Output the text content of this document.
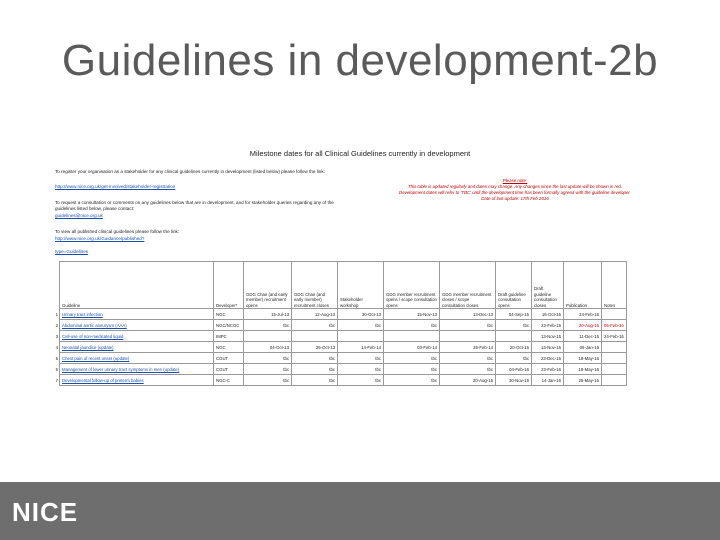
Guidelines in development-2b
Milestone dates for all Clinical Guidelines currently in development
To register your organisation as a stakeholder for any clinical guidelines currently in development (listed below) please follow the link:
http://www.nice.org.uk/get-involved/stakeholder-registration
To request a consultation or comments on any guidelines below that are in development, and for stakeholder queries regarding any of the guidelines listed below, please contact:
guidelines@nice.org.uk
To view all published clinical guidelines please follow the link:
http://www.nice.org.uk/Guidance/published?
type=Guidelines
Please note:
This table is updated regularly and dates may change. Any changes since the last update will be shown in red.
Development dates will refer to 'TBC' until the development time has been formally agreed with the guideline developer.
Date of last update: 17th Feb 2016
	Guideline	Developer*	GDG Chair (and early member) recruitment opens	GDG Chair (and early member) recruitment closes	Stakeholder workshop	GDG member recruitment opens / scope consultation opens	GDG member recruitment closes / scope consultation closes	Draft guideline consultation opens	Draft guideline consultation closes	Publication	Notes
1	Urinary tract infection	NGC	15-Jul-13	12-Aug-13	30-Oct-13	15-Nov-13	13-Dec-13	04-Sep-15	16-Oct-15	24-Feb-16	
2	Abdominal aortic aneurysm (AAA)	NGC/NCGC	tbc	tbc	tbc	tbc	tbc	tbc	23-Feb-15	20-Aug-15	05-Feb-16
3	Cell-use of non-medicated liquid	IMPC							13-Nov-15	11-Dec-15	24-Feb-16
4	Neonatal jaundice (update)	NGC	04-Oct-13	25-Oct-13	14-Feb-14	03-Feb-14	26-Feb-14	20-Oct-15	13-Nov-15	06-Jan-16	
5	Chest pain of recent onset (update)	CGUT	tbc	tbc	tbc	tbc	tbc	tbc	23-Dec-15	18-May-16	
6	Management of lower urinary tract symptoms in men (update)	CGUT	tbc	tbc	tbc	tbc	tbc	04-Feb-16	23-Feb-16	18-May-16	
7	Developmental follow-up of preterm babies	NGC-C	tbc	tbc	tbc	tbc	20-Aug-15	30-Nov-15	14-Jan-16	25-May-16	
NICE
